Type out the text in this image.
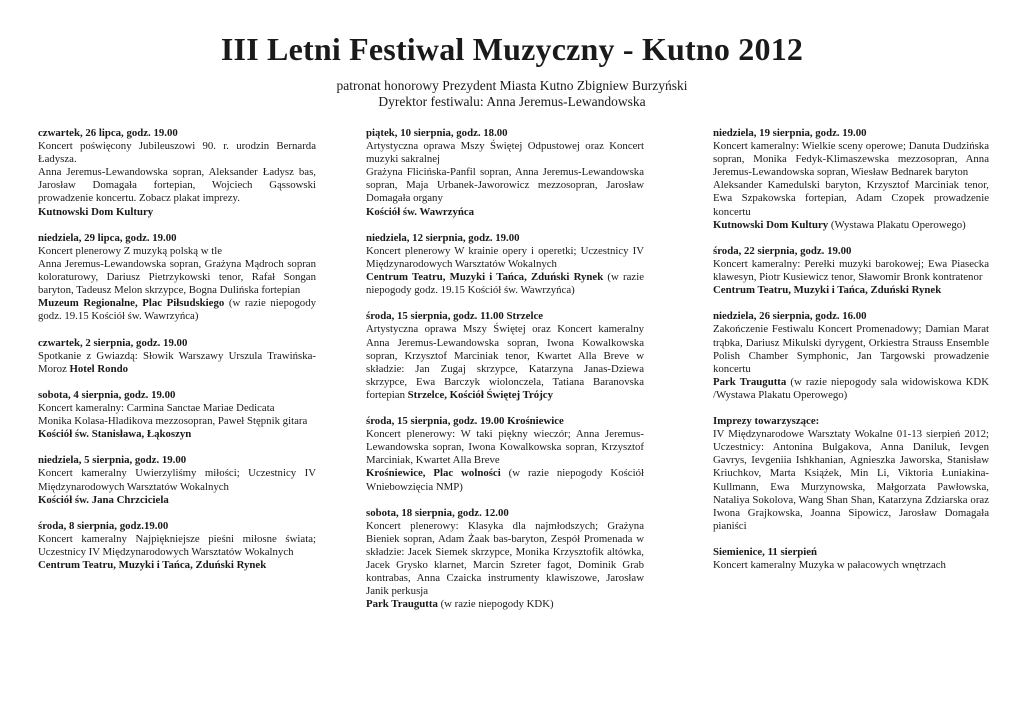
III Letni Festiwal Muzyczny - Kutno 2012
patronat honorowy Prezydent Miasta Kutno Zbigniew Burzyński
Dyrektor festiwalu: Anna Jeremus-Lewandowska

czwartek, 26 lipca, godz. 19.00

Koncert poświęcony Jubileuszowi 90. r. urodzin Bernarda Ładysza.

Anna Jeremus-Lewandowska sopran, Aleksander Ładysz bas, Jarosław Domagała fortepian, Wojciech Gąssowski prowadzenie koncertu. Zobacz plakat imprezy.

Kutnowski Dom Kultury

niedziela, 29 lipca, godz. 19.00

Koncert plenerowy Z muzyką polską w tle

Anna Jeremus-Lewandowska sopran, Grażyna Mądroch sopran koloraturowy, Dariusz Pietrzykowski tenor, Rafał Songan baryton, Tadeusz Melon skrzypce, Bogna Dulińska fortepian

Muzeum Regionalne, Plac Piłsudskiego (w razie niepogody godz. 19.15 Kościół św. Wawrzyńca)

czwartek, 2 sierpnia, godz. 19.00

Spotkanie z Gwiazdą: Słowik Warszawy Urszula Trawińska-Moroz Hotel Rondo

sobota, 4 sierpnia, godz. 19.00

Koncert kameralny: Carmina Sanctae Mariae Dedicata

Monika Kolasa-Hladikova mezzosopran, Paweł Stępnik gitara

Kościół św. Stanisława, Łąkoszyn

niedziela, 5 sierpnia, godz. 19.00

Koncert kameralny Uwierzyliśmy miłości; Uczestnicy IV Międzynarodowych Warsztatów Wokalnych

Kościół św. Jana Chrzciciela

środa, 8 sierpnia, godz.19.00

Koncert kameralny Najpiękniejsze pieśni miłosne świata; Uczestnicy IV Międzynarodowych Warsztatów Wokalnych

Centrum Teatru, Muzyki i Tańca, Zduński Rynek

piątek, 10 sierpnia, godz. 18.00

Artystyczna oprawa Mszy Świętej Odpustowej oraz Koncert muzyki sakralnej

Grażyna Flicińska-Panfil sopran, Anna Jeremus-Lewandowska sopran, Maja Urbanek-Jaworowicz mezzosopran, Jarosław Domagała organy

Kościół św. Wawrzyńca

niedziela, 12 sierpnia, godz. 19.00

Koncert plenerowy W krainie opery i operetki; Uczestnicy IV Międzynarodowych Warsztatów Wokalnych

Centrum Teatru, Muzyki i Tańca, Zduński Rynek (w razie niepogody godz. 19.15 Kościół św. Wawrzyńca)

środa, 15 sierpnia, godz. 11.00 Strzelce

Artystyczna oprawa Mszy Świętej oraz Koncert kameralny Anna Jeremus-Lewandowska sopran, Iwona Kowalkowska sopran, Krzysztof Marciniak tenor, Kwartet Alla Breve w składzie: Jan Zugaj skrzypce, Katarzyna Janas-Dziewa skrzypce, Ewa Barczyk wiolonczela, Tatiana Baranovska fortepian Strzelce, Kościół Świętej Trójcy

środa, 15 sierpnia, godz. 19.00 Krośniewice

Koncert plenerowy: W taki piękny wieczór; Anna Jeremus-Lewandowska sopran, Iwona Kowalkowska sopran, Krzysztof Marciniak, Kwartet Alla Breve

Krośniewice, Plac wolności (w razie niepogody Kościół Wniebowzięcia NMP)

sobota, 18 sierpnia, godz. 12.00

Koncert plenerowy: Klasyka dla najmłodszych; Grażyna Bieniek sopran, Adam Żaak bas-baryton, Zespół Promenada w składzie: Jacek Siemek skrzypce, Monika Krzysztofik altówka, Jacek Grysko klarnet, Marcin Szreter fagot, Dominik Grab kontrabas, Anna Czaicka instrumenty klawiszowe, Jarosław Janik perkusja

Park Traugutta (w razie niepogody KDK)

niedziela, 19 sierpnia, godz. 19.00

Koncert kameralny: Wielkie sceny operowe; Danuta Dudzińska sopran, Monika Fedyk-Klimaszewska mezzosopran, Anna Jeremus-Lewandowska sopran, Wiesław Bednarek baryton

Aleksander Kamedulski baryton, Krzysztof Marciniak tenor, Ewa Szpakowska fortepian, Adam Czopek prowadzenie koncertu

Kutnowski Dom Kultury (Wystawa Plakatu Operowego)

środa, 22 sierpnia, godz. 19.00

Koncert kameralny: Perełki muzyki barokowej; Ewa Piasecka klawesyn, Piotr Kusiewicz tenor, Sławomir Bronk kontratenor

Centrum Teatru, Muzyki i Tańca, Zduński Rynek

niedziela, 26 sierpnia, godz. 16.00

Zakończenie Festiwalu Koncert Promenadowy; Damian Marat trąbka, Dariusz Mikulski dyrygent, Orkiestra Strauss Ensemble Polish Chamber Symphonic, Jan Targowski prowadzenie koncertu

Park Traugutta (w razie niepogody sala widowiskowa KDK /Wystawa Plakatu Operowego)

Imprezy towarzyszące:

IV Międzynarodowe Warsztaty Wokalne 01-13 sierpień 2012; Uczestnicy: Antonina Bulgakova, Anna Daniluk, Ievgen Gavrys, Ievgeniia Ishkhanian, Agnieszka Jaworska, Stanisław Kriuchkov, Marta Książek, Min Li, Viktoria Łuniakina-Kullmann, Ewa Murzynowska, Małgorzata Pawłowska, Nataliya Sokolova, Wang Shan Shan, Katarzyna Zdziarska oraz Iwona Grajkowska, Joanna Sipowicz, Jarosław Domagała pianiści

Siemienice, 11 sierpień

Koncert kameralny Muzyka w pałacowych wnętrzach
